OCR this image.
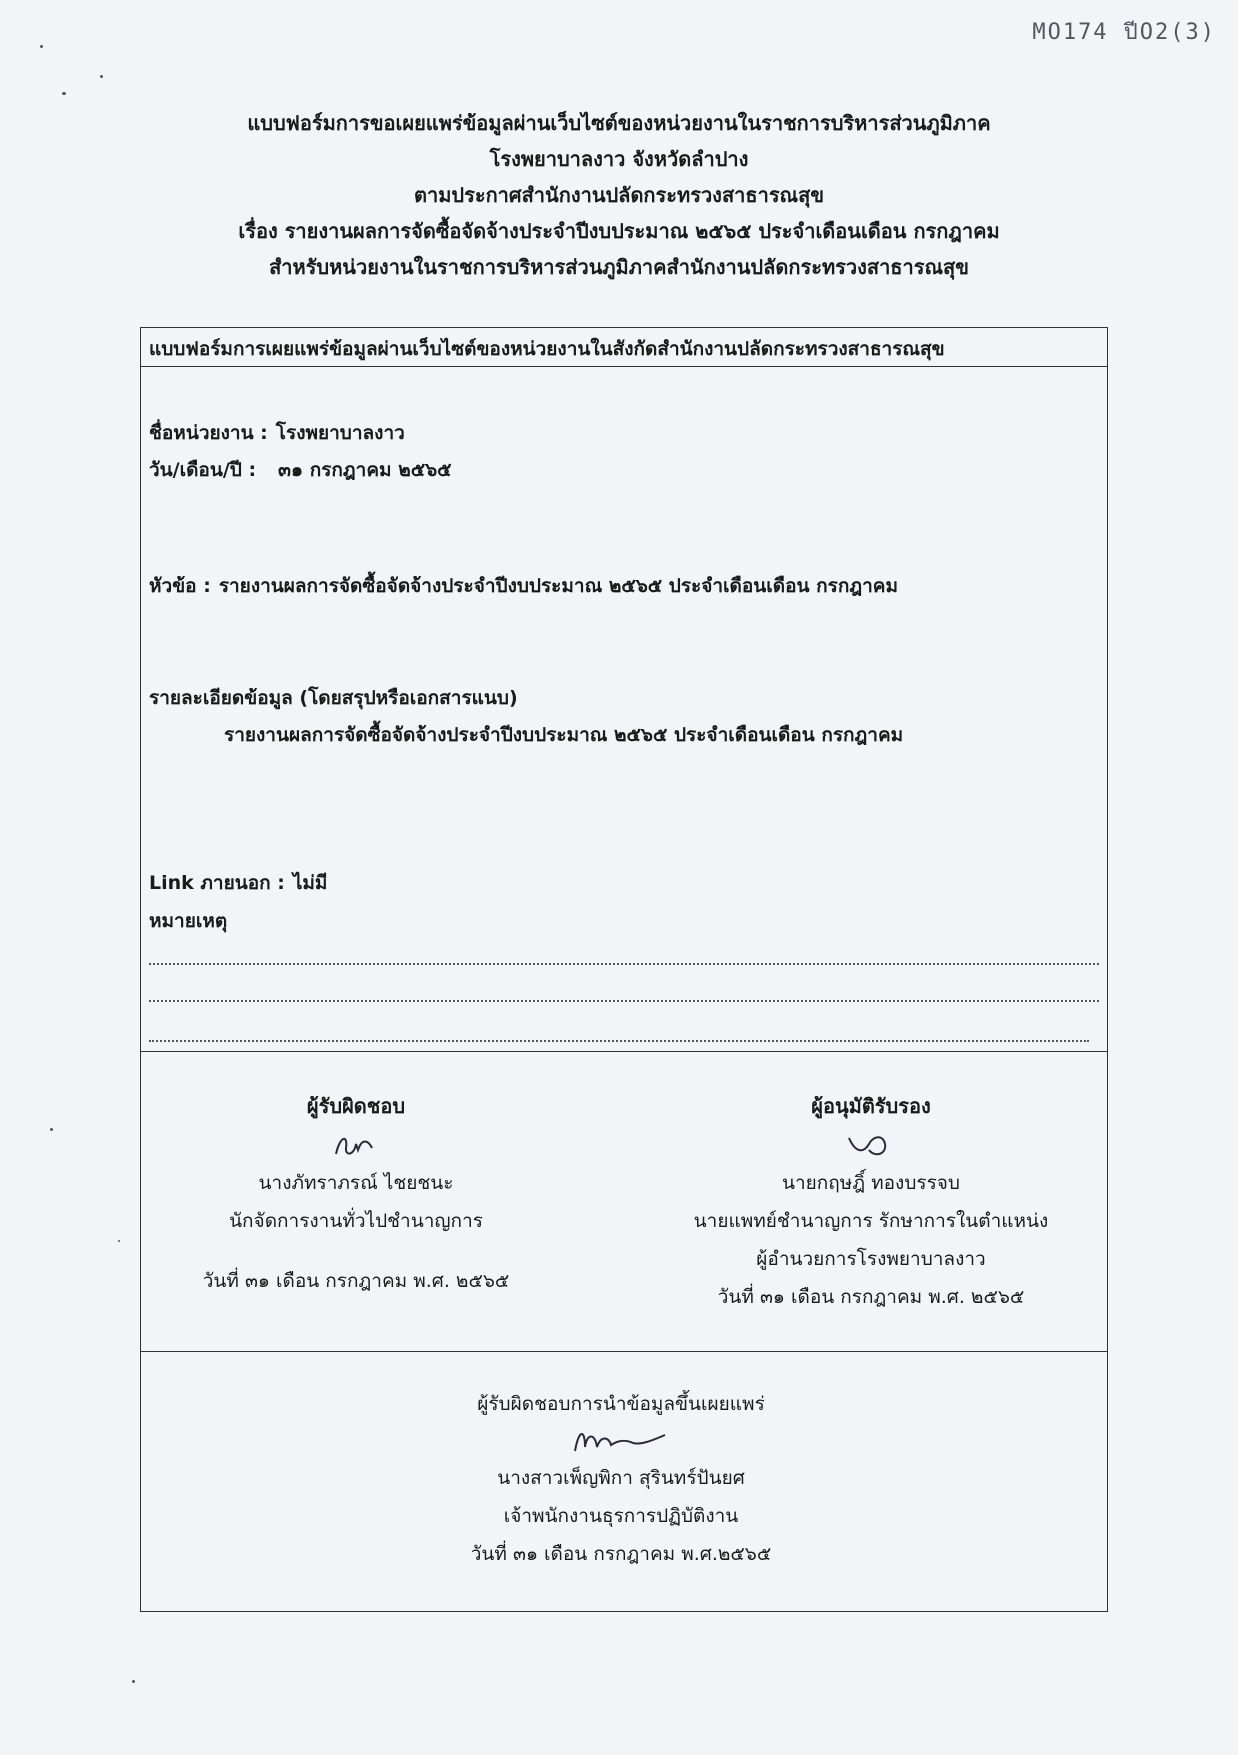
MO174 ปีO2(3)
แบบฟอร์มการขอเผยแพร่ข้อมูลผ่านเว็บไซต์ของหน่วยงานในราชการบริหารส่วนภูมิภาค
โรงพยาบาลงาว จังหวัดลำปาง
ตามประกาศสำนักงานปลัดกระทรวงสาธารณสุข
เรื่อง รายงานผลการจัดซื้อจัดจ้างประจำปีงบประมาณ ๒๕๖๕ ประจำเดือนเดือน กรกฎาคม
สำหรับหน่วยงานในราชการบริหารส่วนภูมิภาคสำนักงานปลัดกระทรวงสาธารณสุข
แบบฟอร์มการเผยแพร่ข้อมูลผ่านเว็บไซต์ของหน่วยงานในสังกัดสำนักงานปลัดกระทรวงสาธารณสุข
ชื่อหน่วยงาน : โรงพยาบาลงาว
วัน/เดือน/ปี : ๓๑ กรกฎาคม ๒๕๖๕
หัวข้อ : รายงานผลการจัดซื้อจัดจ้างประจำปีงบประมาณ ๒๕๖๕ ประจำเดือนเดือน กรกฎาคม
รายละเอียดข้อมูล (โดยสรุปหรือเอกสารแนบ)
รายงานผลการจัดซื้อจัดจ้างประจำปีงบประมาณ ๒๕๖๕ ประจำเดือนเดือน กรกฎาคม
Link ภายนอก : ไม่มี
หมายเหตุ
ผู้รับผิดชอบ
นางภัทราภรณ์ ไชยชนะ
นักจัดการงานทั่วไปชำนาญการ
วันที่ ๓๑ เดือน กรกฎาคม พ.ศ. ๒๕๖๕
ผู้อนุมัติรับรอง
นายกฤษฎิ์ ทองบรรจบ
นายแพทย์ชำนาญการ รักษาการในตำแหน่ง
ผู้อำนวยการโรงพยาบาลงาว
วันที่ ๓๑ เดือน กรกฎาคม พ.ศ. ๒๕๖๕
ผู้รับผิดชอบการนำข้อมูลขึ้นเผยแพร่
นางสาวเพ็ญพิกา สุรินทร์ปันยศ
เจ้าพนักงานธุรการปฏิบัติงาน
วันที่ ๓๑ เดือน กรกฎาคม พ.ศ.๒๕๖๕
